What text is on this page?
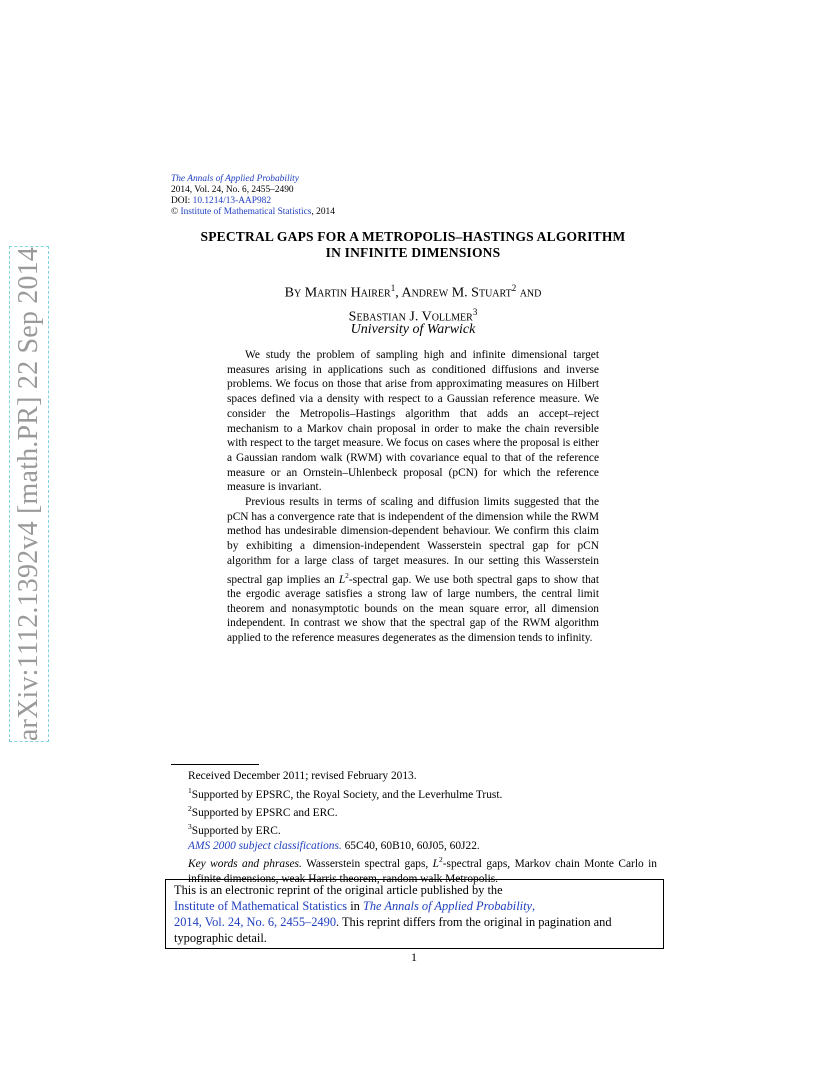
arXiv:1112.1392v4 [math.PR] 22 Sep 2014
The Annals of Applied Probability
2014, Vol. 24, No. 6, 2455–2490
DOI: 10.1214/13-AAP982
© Institute of Mathematical Statistics, 2014
SPECTRAL GAPS FOR A METROPOLIS–HASTINGS ALGORITHM
IN INFINITE DIMENSIONS
By Martin Hairer$^1$, Andrew M. Stuart$^2$ and
Sebastian J. Vollmer$^3$
University of Warwick

We study the problem of sampling high and infinite dimensional target measures arising in applications such as conditioned diffusions and inverse problems. We focus on those that arise from approximating measures on Hilbert spaces defined via a density with respect to a Gaussian reference measure. We consider the Metropolis–Hastings algorithm that adds an accept–reject mechanism to a Markov chain proposal in order to make the chain reversible with respect to the target measure. We focus on cases where the proposal is either a Gaussian random walk (RWM) with covariance equal to that of the reference measure or an Ornstein–Uhlenbeck proposal (pCN) for which the reference measure is invariant.

Previous results in terms of scaling and diffusion limits suggested that the pCN has a convergence rate that is independent of the dimension while the RWM method has undesirable dimension-dependent behaviour. We confirm this claim by exhibiting a dimension-independent Wasserstein spectral gap for pCN algorithm for a large class of target measures. In our setting this Wasserstein spectral gap implies an $L^2$-spectral gap. We use both spectral gaps to show that the ergodic average satisfies a strong law of large numbers, the central limit theorem and nonasymptotic bounds on the mean square error, all dimension independent. In contrast we show that the spectral gap of the RWM algorithm applied to the reference measures degenerates as the dimension tends to infinity.

Received December 2011; revised February 2013.

$^1$Supported by EPSRC, the Royal Society, and the Leverhulme Trust.

$^2$Supported by EPSRC and ERC.

$^3$Supported by ERC.

AMS 2000 subject classifications. 65C40, 60B10, 60J05, 60J22.

Key words and phrases. Wasserstein spectral gaps, $L^2$-spectral gaps, Markov chain Monte Carlo in infinite dimensions, weak Harris theorem, random walk Metropolis.

This is an electronic reprint of the original article published by the
Institute of Mathematical Statistics in The Annals of Applied Probability,
2014, Vol. 24, No. 6, 2455–2490. This reprint differs from the original in pagination and typographic detail.
1
